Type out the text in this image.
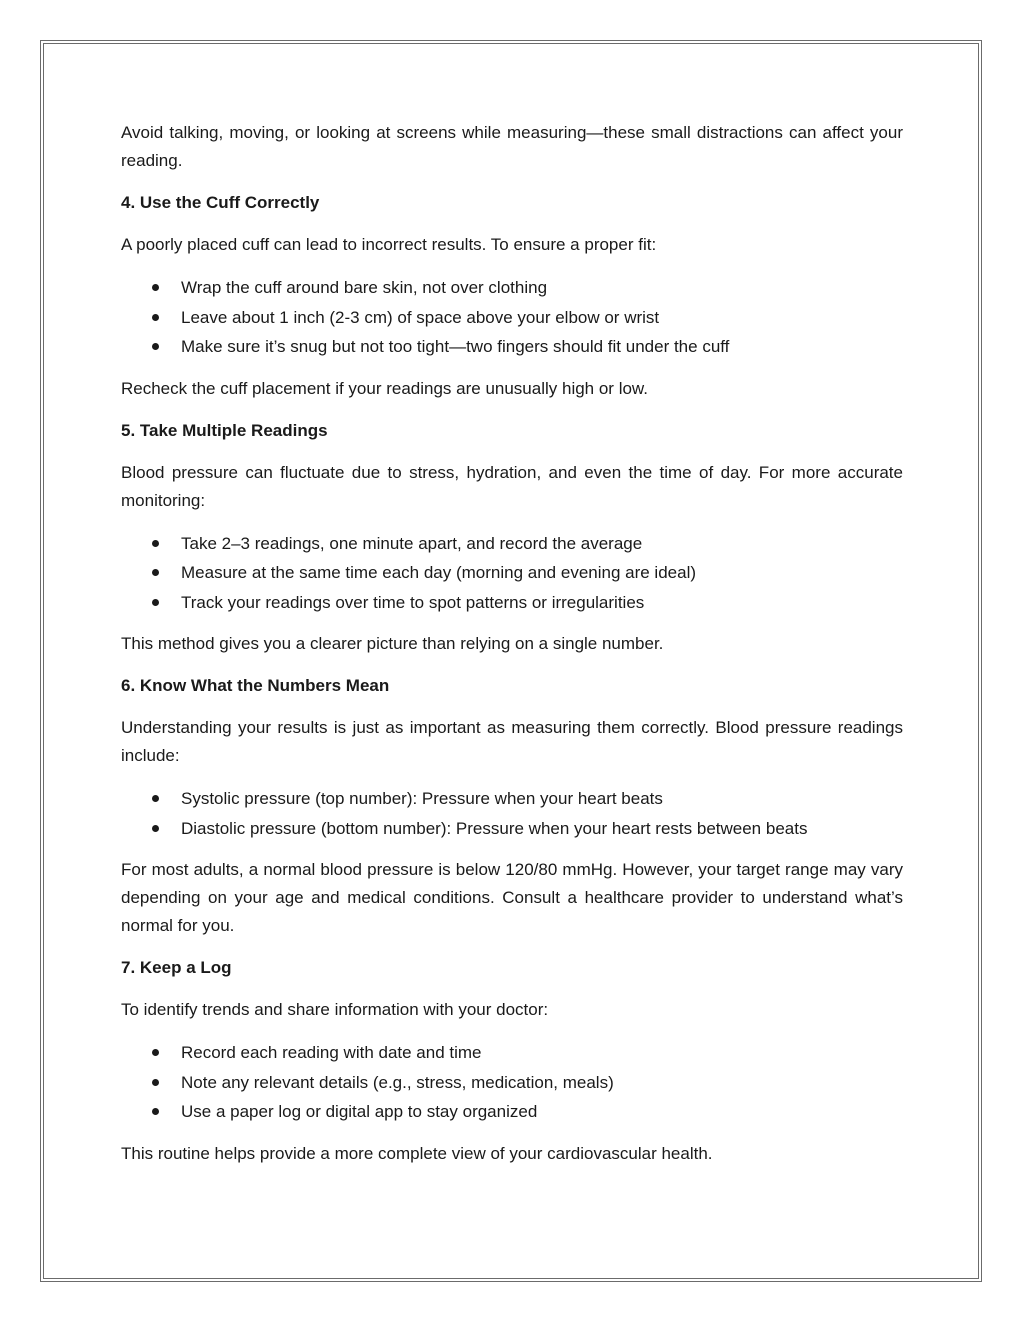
Avoid talking, moving, or looking at screens while measuring—these small distractions can affect your reading.

4. Use the Cuff Correctly

A poorly placed cuff can lead to incorrect results. To ensure a proper fit:

Wrap the cuff around bare skin, not over clothing
Leave about 1 inch (2-3 cm) of space above your elbow or wrist
Make sure it’s snug but not too tight—two fingers should fit under the cuff

Recheck the cuff placement if your readings are unusually high or low.

5. Take Multiple Readings

Blood pressure can fluctuate due to stress, hydration, and even the time of day. For more accurate monitoring:

Take 2–3 readings, one minute apart, and record the average
Measure at the same time each day (morning and evening are ideal)
Track your readings over time to spot patterns or irregularities

This method gives you a clearer picture than relying on a single number.

6. Know What the Numbers Mean

Understanding your results is just as important as measuring them correctly. Blood pressure readings include:

Systolic pressure (top number): Pressure when your heart beats
Diastolic pressure (bottom number): Pressure when your heart rests between beats

For most adults, a normal blood pressure is below 120/80 mmHg. However, your target range may vary depending on your age and medical conditions. Consult a healthcare provider to understand what’s normal for you.

7. Keep a Log

To identify trends and share information with your doctor:

Record each reading with date and time
Note any relevant details (e.g., stress, medication, meals)
Use a paper log or digital app to stay organized

This routine helps provide a more complete view of your cardiovascular health.
